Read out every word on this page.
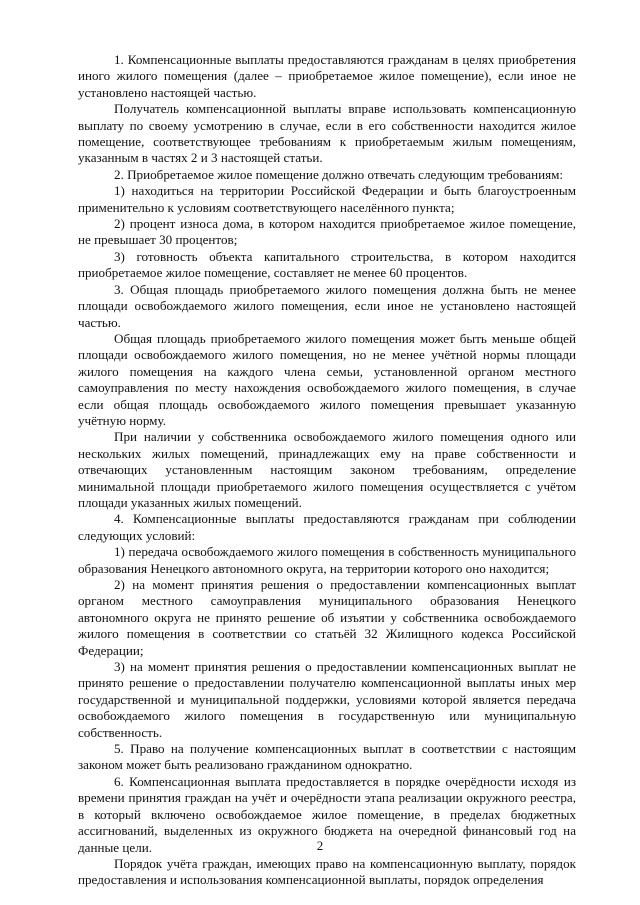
1. Компенсационные выплаты предоставляются гражданам в целях приобретения иного жилого помещения (далее – приобретаемое жилое помещение), если иное не установлено настоящей частью.

Получатель компенсационной выплаты вправе использовать компенсационную выплату по своему усмотрению в случае, если в его собственности находится жилое помещение, соответствующее требованиям к приобретаемым жилым помещениям, указанным в частях 2 и 3 настоящей статьи.

2. Приобретаемое жилое помещение должно отвечать следующим требованиям:

1) находиться на территории Российской Федерации и быть благоустроенным применительно к условиям соответствующего населённого пункта;

2) процент износа дома, в котором находится приобретаемое жилое помещение, не превышает 30 процентов;

3) готовность объекта капитального строительства, в котором находится приобретаемое жилое помещение, составляет не менее 60 процентов.

3. Общая площадь приобретаемого жилого помещения должна быть не менее площади освобождаемого жилого помещения, если иное не установлено настоящей частью.

Общая площадь приобретаемого жилого помещения может быть меньше общей площади освобождаемого жилого помещения, но не менее учётной нормы площади жилого помещения на каждого члена семьи, установленной органом местного самоуправления по месту нахождения освобождаемого жилого помещения, в случае если общая площадь освобождаемого жилого помещения превышает указанную учётную норму.

При наличии у собственника освобождаемого жилого помещения одного или нескольких жилых помещений, принадлежащих ему на праве собственности и отвечающих установленным настоящим законом требованиям, определение минимальной площади приобретаемого жилого помещения осуществляется с учётом площади указанных жилых помещений.

4. Компенсационные выплаты предоставляются гражданам при соблюдении следующих условий:

1) передача освобождаемого жилого помещения в собственность муниципального образования Ненецкого автономного округа, на территории которого оно находится;

2) на момент принятия решения о предоставлении компенсационных выплат органом местного самоуправления муниципального образования Ненецкого автономного округа не принято решение об изъятии у собственника освобождаемого жилого помещения в соответствии со статьёй 32 Жилищного кодекса Российской Федерации;

3) на момент принятия решения о предоставлении компенсационных выплат не принято решение о предоставлении получателю компенсационной выплаты иных мер государственной и муниципальной поддержки, условиями которой является передача освобождаемого жилого помещения в государственную или муниципальную собственность.

5. Право на получение компенсационных выплат в соответствии с настоящим законом может быть реализовано гражданином однократно.

6. Компенсационная выплата предоставляется в порядке очерёдности исходя из времени принятия граждан на учёт и очерёдности этапа реализации окружного реестра, в который включено освобождаемое жилое помещение, в пределах бюджетных ассигнований, выделенных из окружного бюджета на очередной финансовый год на данные цели.

Порядок учёта граждан, имеющих право на компенсационную выплату, порядок предоставления и использования компенсационной выплаты, порядок определения

2
